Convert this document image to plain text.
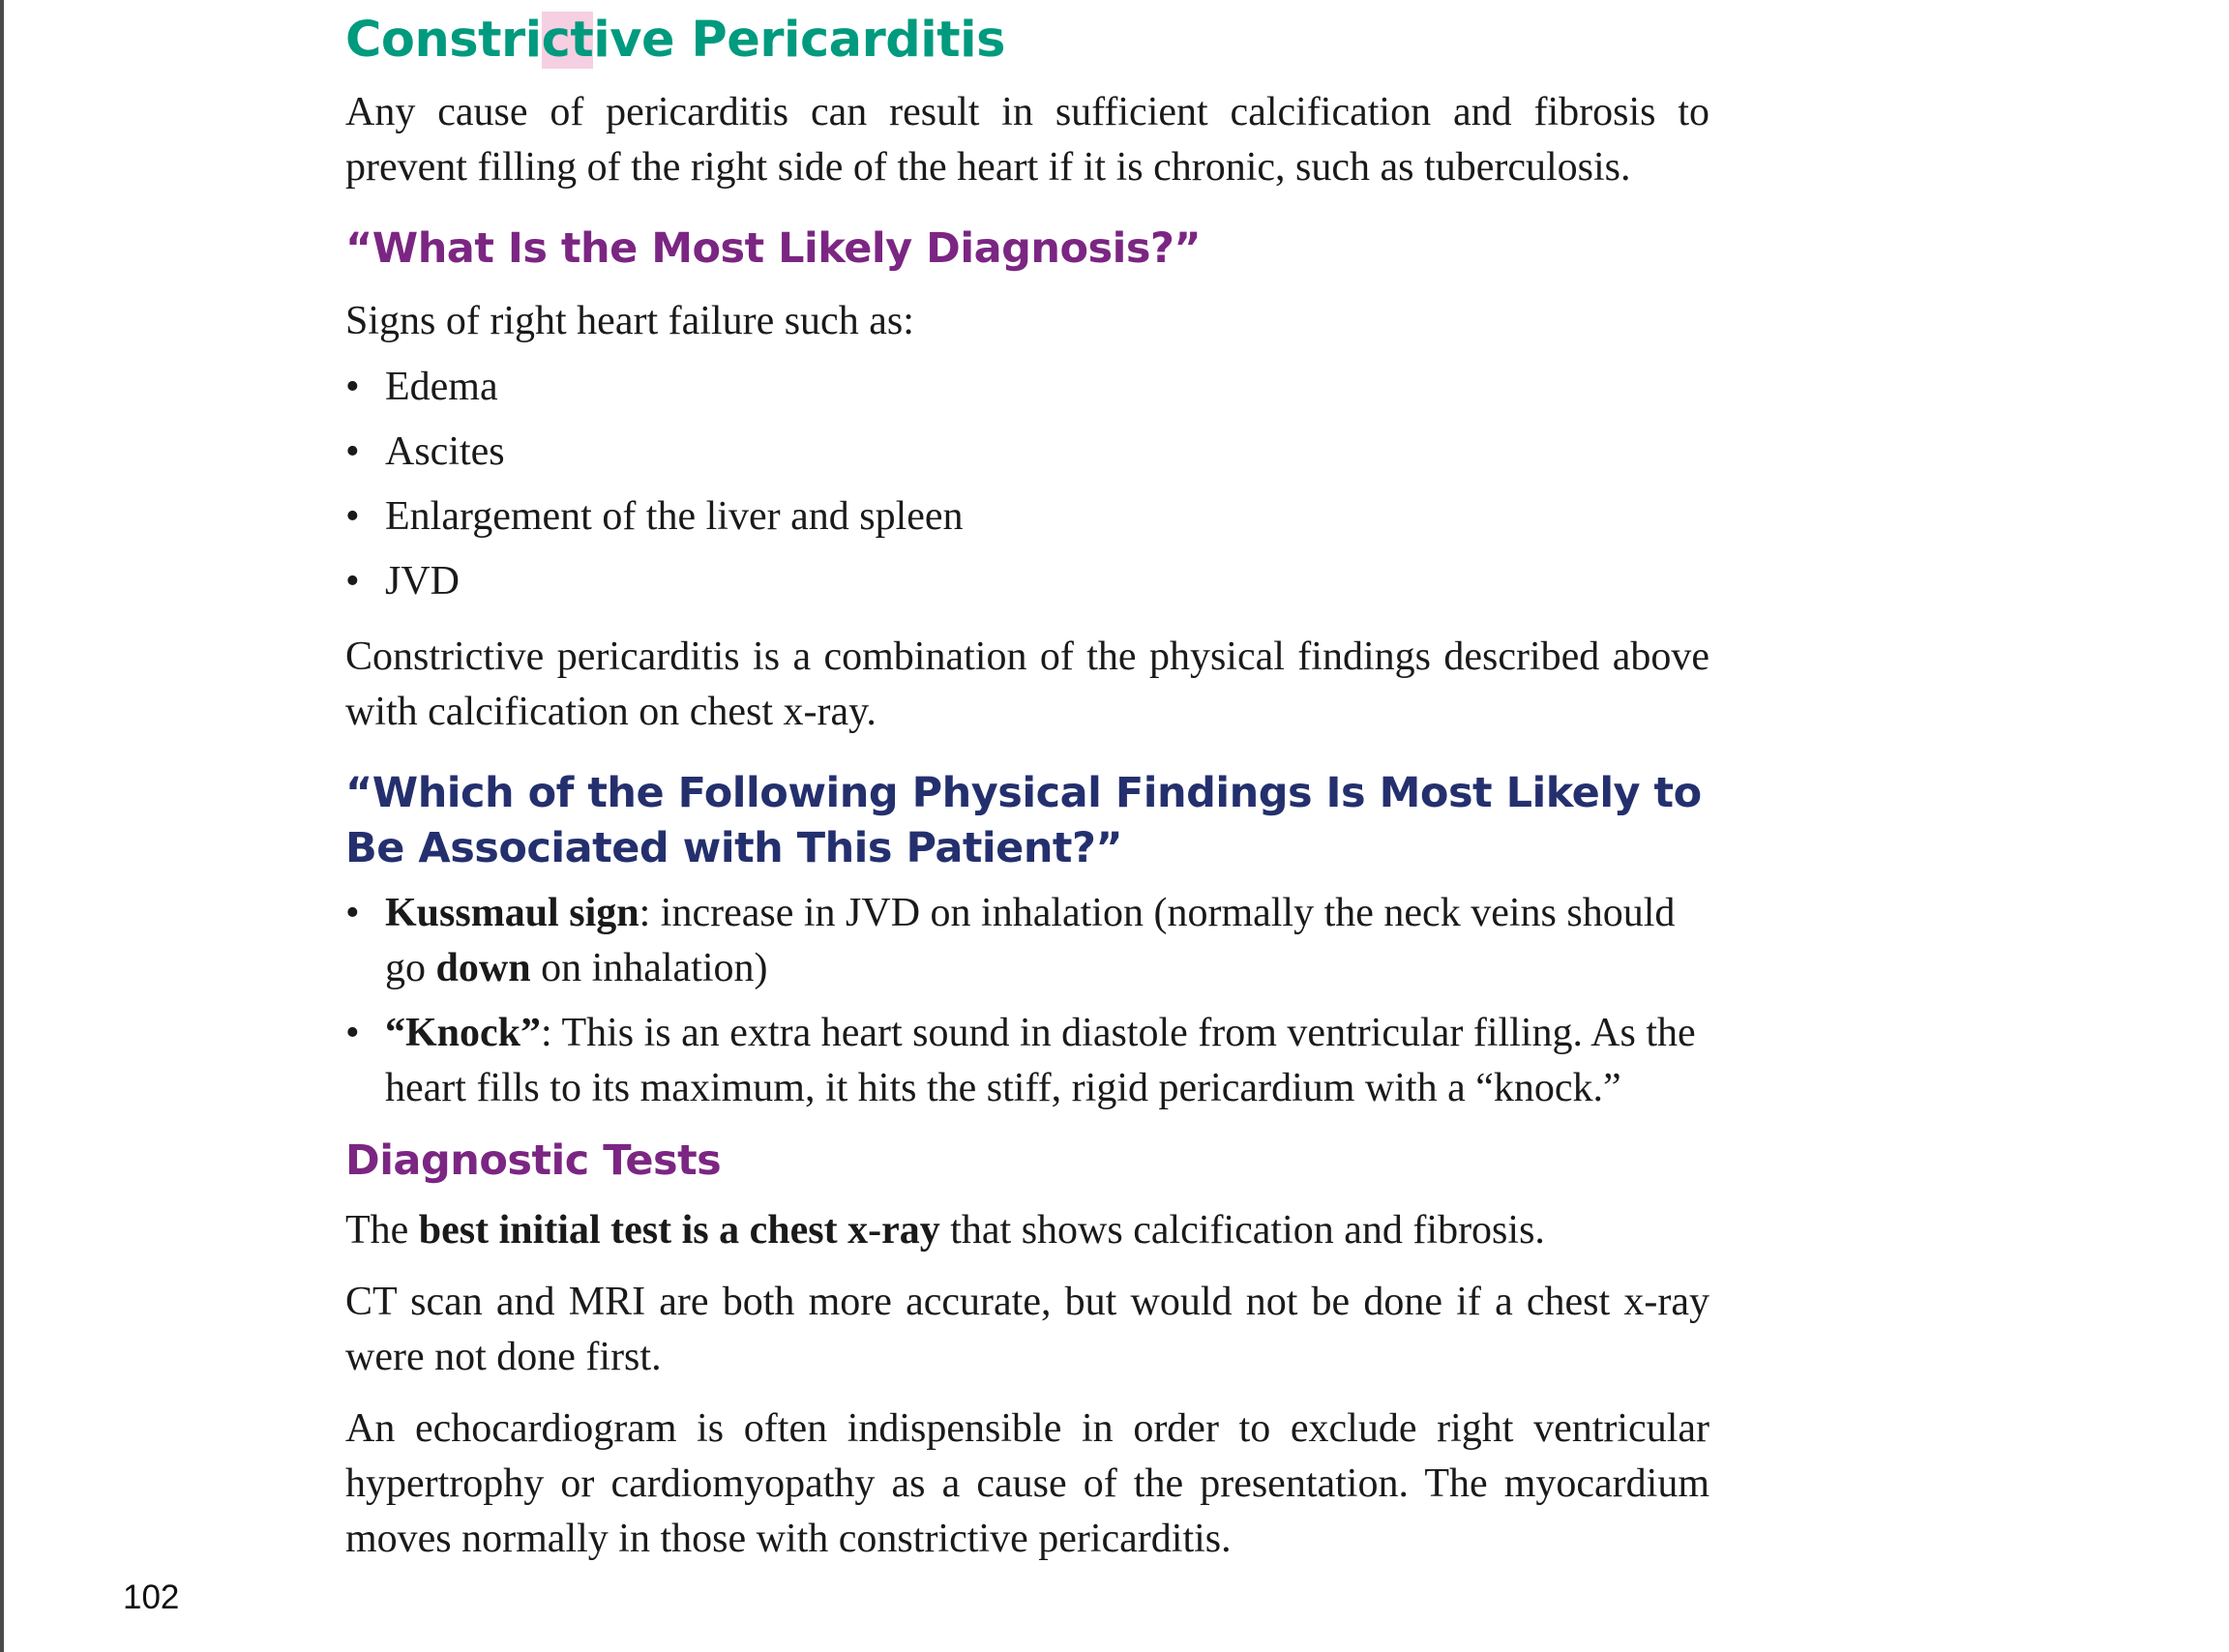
102
Constrictive Pericarditis

Any cause of pericarditis can result in sufficient calcification and fibrosis to prevent filling of the right side of the heart if it is chronic, such as tuberculosis.

“What Is the Most Likely Diagnosis?”

Signs of right heart failure such as:

• Edema
• Ascites
• Enlargement of the liver and spleen
• JVD

Constrictive pericarditis is a combination of the physical findings described above with calcification on chest x-ray.

“Which of the Following Physical Findings Is Most Likely to Be Associated with This Patient?”
• Kussmaul sign: increase in JVD on inhalation (normally the neck veins should go down on inhalation)
• “Knock”: This is an extra heart sound in diastole from ventricular filling. As the heart fills to its maximum, it hits the stiff, rigid pericardium with a “knock.”
Diagnostic Tests

The best initial test is a chest x-ray that shows calcification and fibrosis.

CT scan and MRI are both more accurate, but would not be done if a chest x-ray were not done first.

An echocardiogram is often indispensible in order to exclude right ventricular hypertrophy or cardiomyopathy as a cause of the presentation. The myocardium moves normally in those with constrictive pericarditis.
